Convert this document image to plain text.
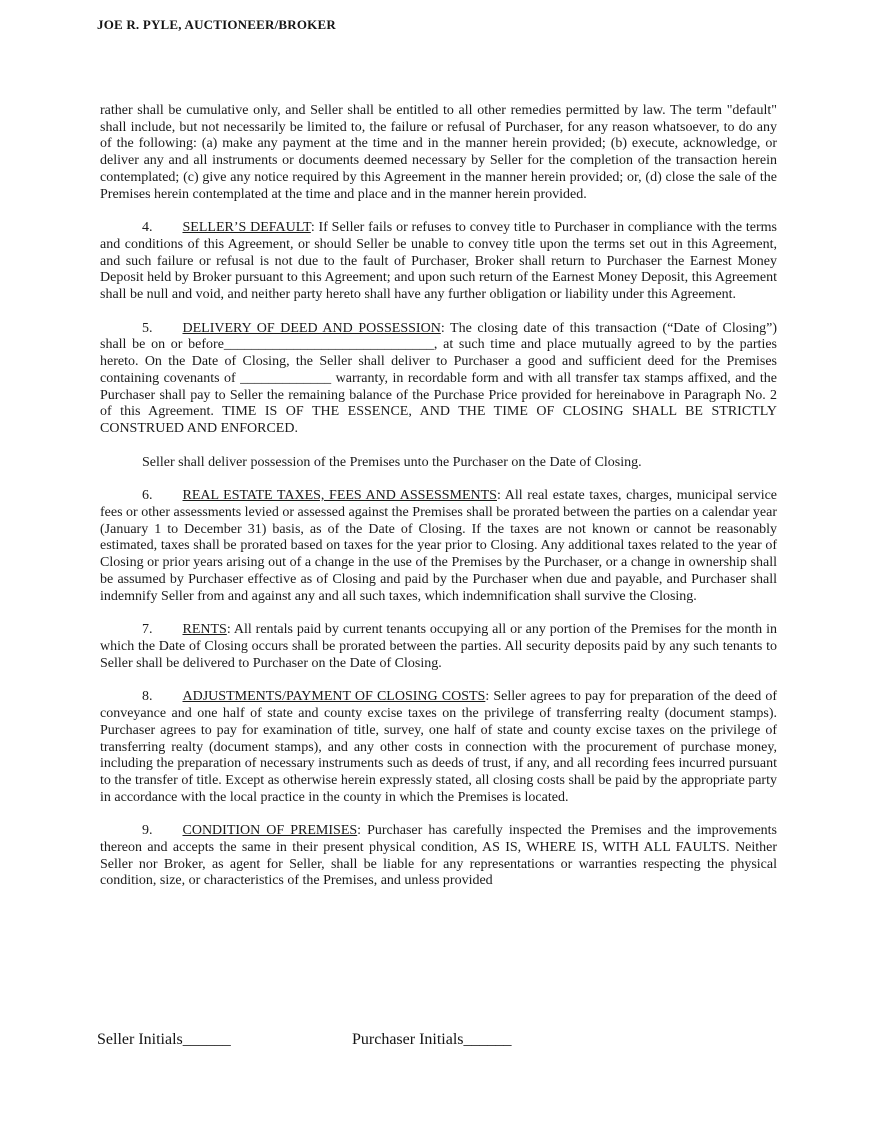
JOE R. PYLE, AUCTIONEER/BROKER

rather shall be cumulative only, and Seller shall be entitled to all other remedies permitted by law. The term "default" shall include, but not necessarily be limited to, the failure or refusal of Purchaser, for any reason whatsoever, to do any of the following: (a) make any payment at the time and in the manner herein provided; (b) execute, acknowledge, or deliver any and all instruments or documents deemed necessary by Seller for the completion of the transaction herein contemplated; (c) give any notice required by this Agreement in the manner herein provided; or, (d) close the sale of the Premises herein contemplated at the time and place and in the manner herein provided.

4. SELLER’S DEFAULT: If Seller fails or refuses to convey title to Purchaser in compliance with the terms and conditions of this Agreement, or should Seller be unable to convey title upon the terms set out in this Agreement, and such failure or refusal is not due to the fault of Purchaser, Broker shall return to Purchaser the Earnest Money Deposit held by Broker pursuant to this Agreement; and upon such return of the Earnest Money Deposit, this Agreement shall be null and void, and neither party hereto shall have any further obligation or liability under this Agreement.

5. DELIVERY OF DEED AND POSSESSION: The closing date of this transaction (“Date of Closing”) shall be on or before______________________________, at such time and place mutually agreed to by the parties hereto. On the Date of Closing, the Seller shall deliver to Purchaser a good and sufficient deed for the Premises containing covenants of _____________ warranty, in recordable form and with all transfer tax stamps affixed, and the Purchaser shall pay to Seller the remaining balance of the Purchase Price provided for hereinabove in Paragraph No. 2 of this Agreement. TIME IS OF THE ESSENCE, AND THE TIME OF CLOSING SHALL BE STRICTLY CONSTRUED AND ENFORCED.

Seller shall deliver possession of the Premises unto the Purchaser on the Date of Closing.

6. REAL ESTATE TAXES, FEES AND ASSESSMENTS: All real estate taxes, charges, municipal service fees or other assessments levied or assessed against the Premises shall be prorated between the parties on a calendar year (January 1 to December 31) basis, as of the Date of Closing. If the taxes are not known or cannot be reasonably estimated, taxes shall be prorated based on taxes for the year prior to Closing. Any additional taxes related to the year of Closing or prior years arising out of a change in the use of the Premises by the Purchaser, or a change in ownership shall be assumed by Purchaser effective as of Closing and paid by the Purchaser when due and payable, and Purchaser shall indemnify Seller from and against any and all such taxes, which indemnification shall survive the Closing.

7. RENTS: All rentals paid by current tenants occupying all or any portion of the Premises for the month in which the Date of Closing occurs shall be prorated between the parties. All security deposits paid by any such tenants to Seller shall be delivered to Purchaser on the Date of Closing.

8. ADJUSTMENTS/PAYMENT OF CLOSING COSTS: Seller agrees to pay for preparation of the deed of conveyance and one half of state and county excise taxes on the privilege of transferring realty (document stamps). Purchaser agrees to pay for examination of title, survey, one half of state and county excise taxes on the privilege of transferring realty (document stamps), and any other costs in connection with the procurement of purchase money, including the preparation of necessary instruments such as deeds of trust, if any, and all recording fees incurred pursuant to the transfer of title. Except as otherwise herein expressly stated, all closing costs shall be paid by the appropriate party in accordance with the local practice in the county in which the Premises is located.

9. CONDITION OF PREMISES: Purchaser has carefully inspected the Premises and the improvements thereon and accepts the same in their present physical condition, AS IS, WHERE IS, WITH ALL FAULTS. Neither Seller nor Broker, as agent for Seller, shall be liable for any representations or warranties respecting the physical condition, size, or characteristics of the Premises, and unless provided

Seller Initials______	Purchaser Initials______
